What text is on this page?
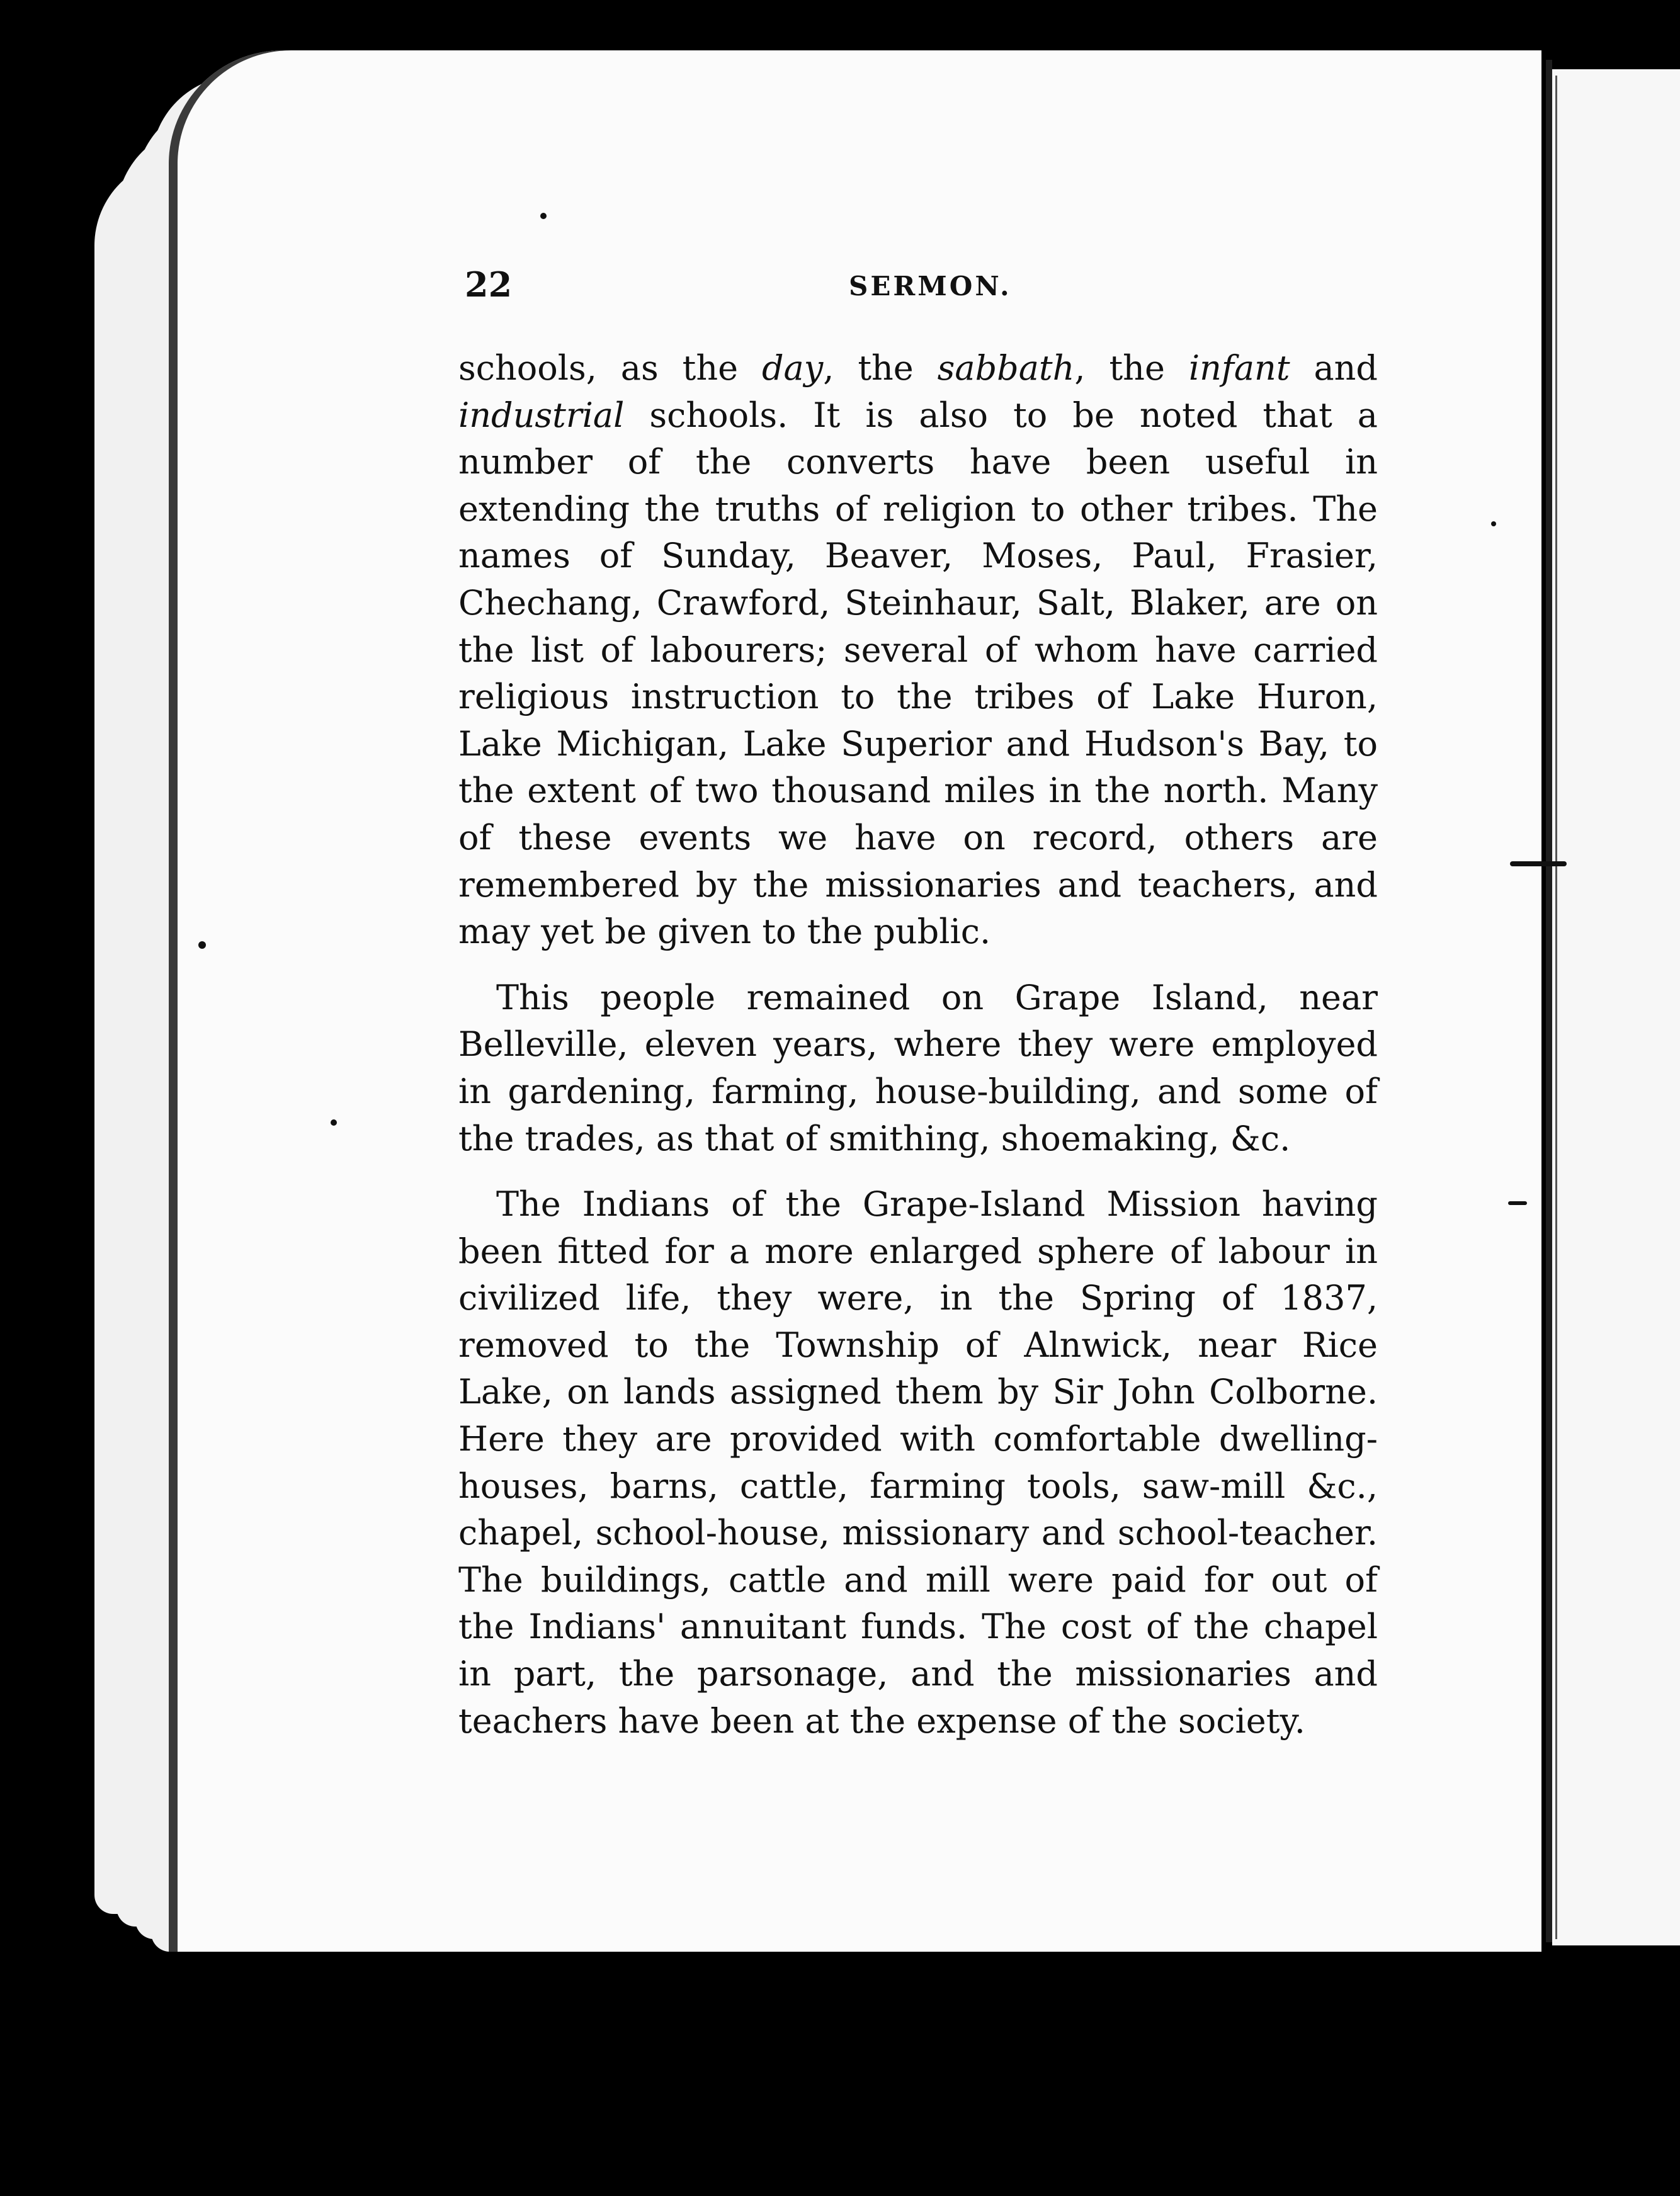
22	SERMON.

schools, as the day, the sabbath, the infant and industrial schools. It is also to be noted that a number of the converts have been useful in extending the truths of religion to other tribes. The names of Sunday, Beaver, Moses, Paul, Frasier, Chechang, Crawford, Steinhaur, Salt, Blaker, are on the list of labourers; several of whom have carried religious instruction to the tribes of Lake Huron, Lake Michigan, Lake Superior and Hudson's Bay, to the extent of two thousand miles in the north. Many of these events we have on record, others are remembered by the missionaries and teachers, and may yet be given to the public.

This people remained on Grape Island, near Belleville, eleven years, where they were employed in gardening, farming, house-building, and some of the trades, as that of smithing, shoemaking, &c.

The Indians of the Grape-Island Mission having been fitted for a more enlarged sphere of labour in civilized life, they were, in the Spring of 1837, removed to the Township of Alnwick, near Rice Lake, on lands assigned them by Sir John Colborne. Here they are provided with comfortable dwelling-houses, barns, cattle, farming tools, saw-mill &c., chapel, school-house, missionary and school-teacher. The buildings, cattle and mill were paid for out of the Indians' annuitant funds. The cost of the chapel in part, the parsonage, and the missionaries and teachers have been at the expense of the society.
